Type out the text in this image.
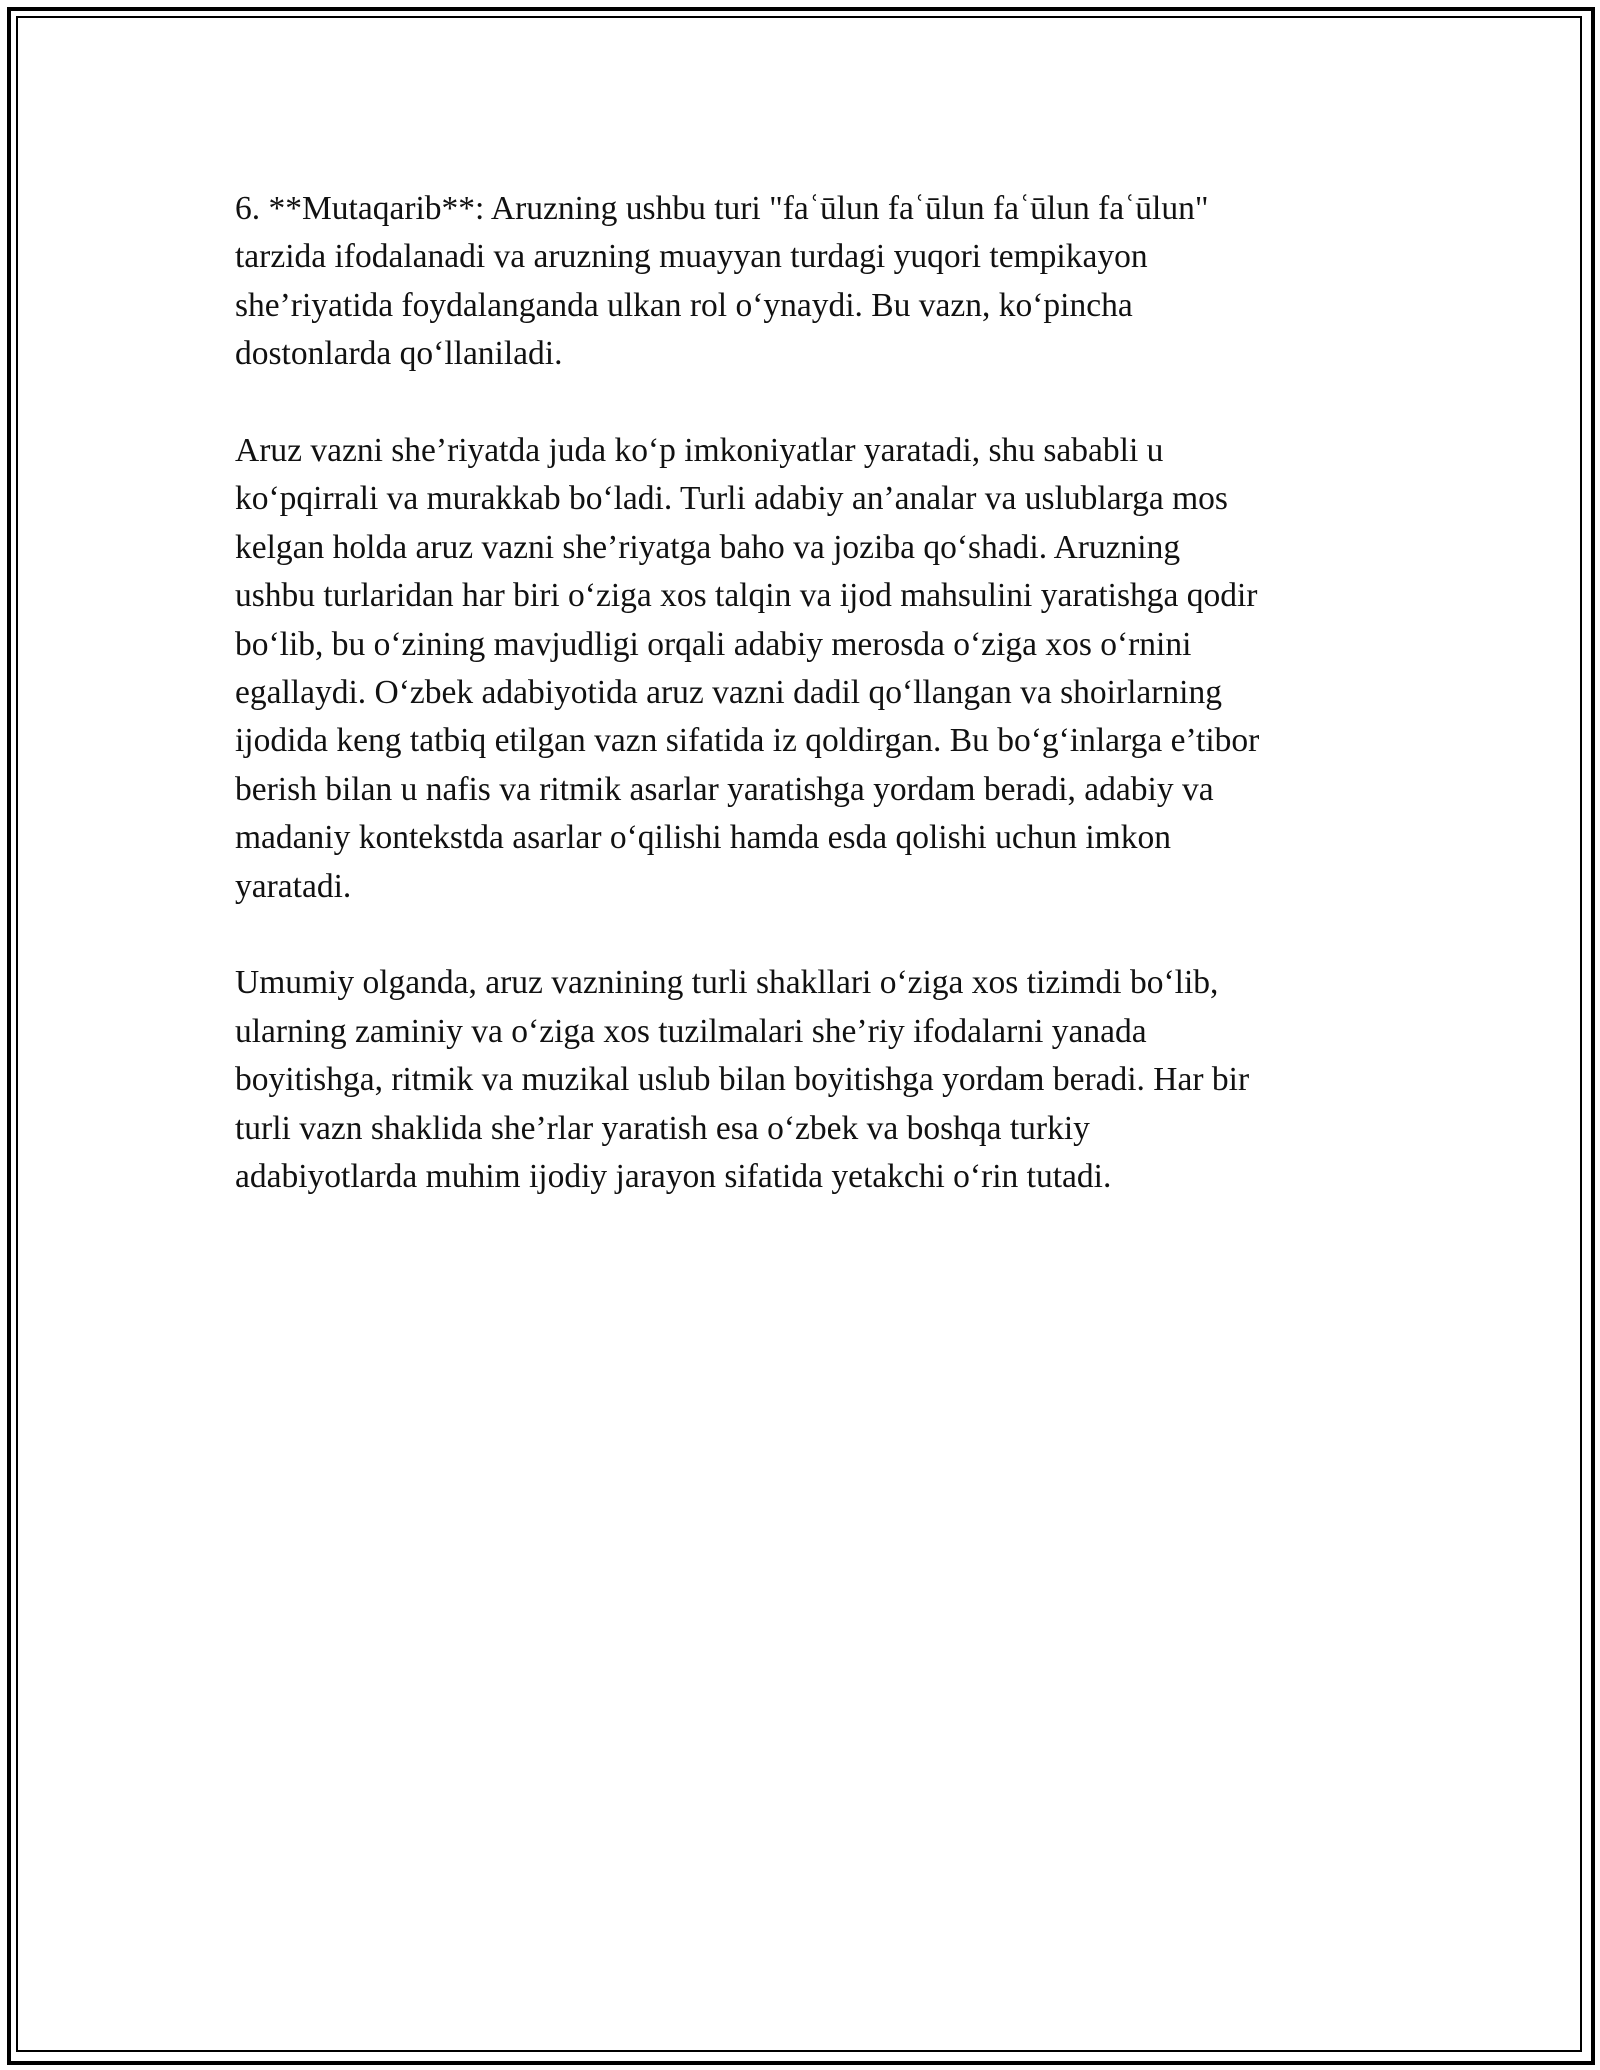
6. **Mutaqarib**: Aruzning ushbu turi "faʿūlun faʿūlun faʿūlun faʿūlun"
tarzida ifodalanadi va aruzning muayyan turdagi yuqori tempikayon
she’riyatida foydalanganda ulkan rol o‘ynaydi. Bu vazn, ko‘pincha
dostonlarda qo‘llaniladi.

Aruz vazni she’riyatda juda ko‘p imkoniyatlar yaratadi, shu sababli u
ko‘pqirrali va murakkab bo‘ladi. Turli adabiy an’analar va uslublarga mos
kelgan holda aruz vazni she’riyatga baho va joziba qo‘shadi. Aruzning
ushbu turlaridan har biri o‘ziga xos talqin va ijod mahsulini yaratishga qodir
bo‘lib, bu o‘zining mavjudligi orqali adabiy merosda o‘ziga xos o‘rnini
egallaydi. O‘zbek adabiyotida aruz vazni dadil qo‘llangan va shoirlarning
ijodida keng tatbiq etilgan vazn sifatida iz qoldirgan. Bu bo‘g‘inlarga e’tibor
berish bilan u nafis va ritmik asarlar yaratishga yordam beradi, adabiy va
madaniy kontekstda asarlar o‘qilishi hamda esda qolishi uchun imkon
yaratadi.

Umumiy olganda, aruz vaznining turli shakllari o‘ziga xos tizimdi bo‘lib,
ularning zaminiy va o‘ziga xos tuzilmalari she’riy ifodalarni yanada
boyitishga, ritmik va muzikal uslub bilan boyitishga yordam beradi. Har bir
turli vazn shaklida she’rlar yaratish esa o‘zbek va boshqa turkiy
adabiyotlarda muhim ijodiy jarayon sifatida yetakchi o‘rin tutadi.
